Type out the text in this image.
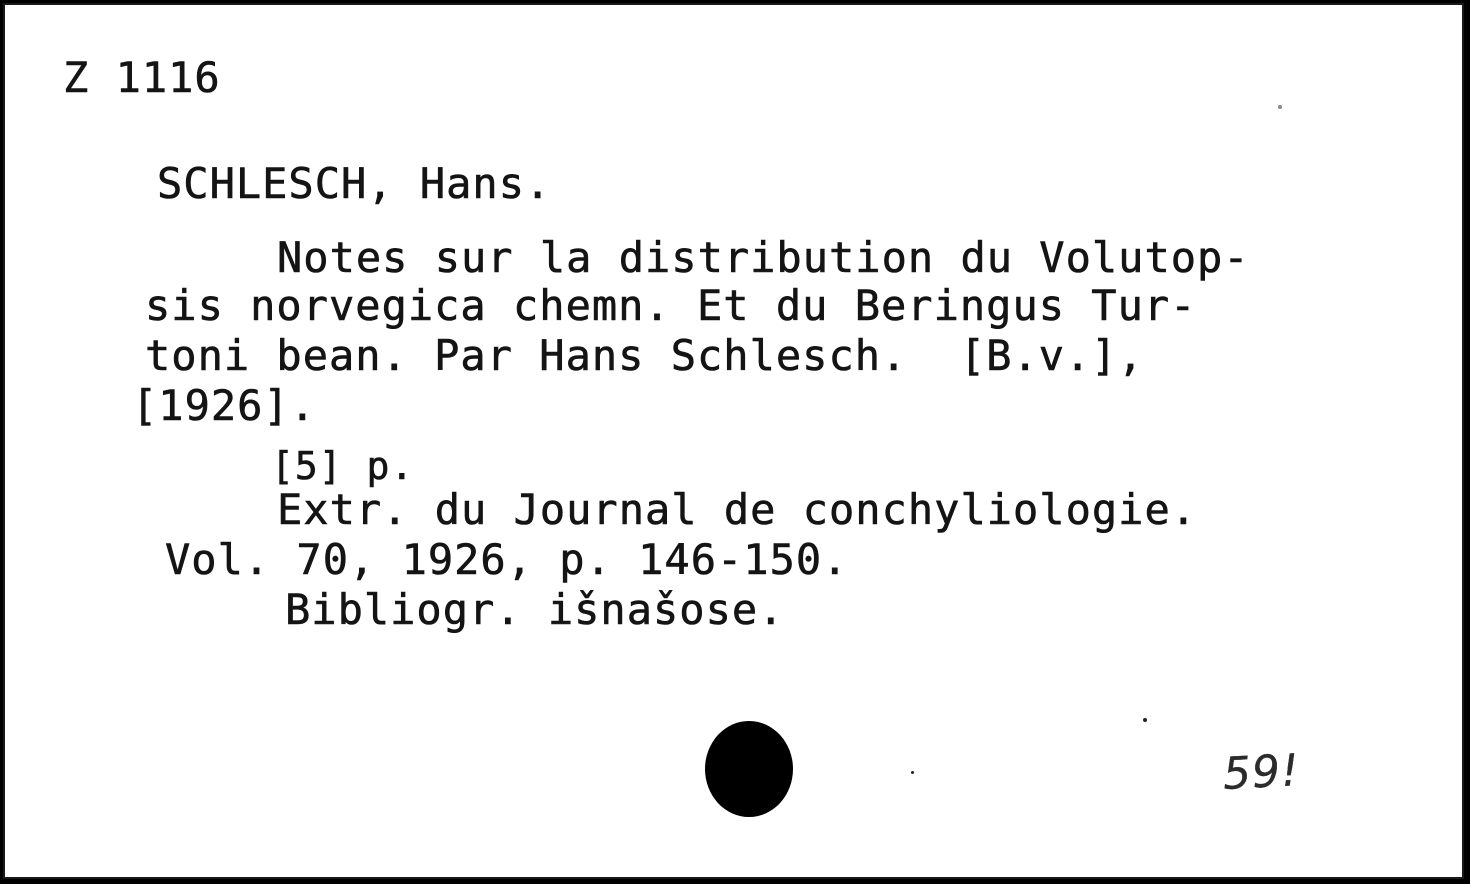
Z 1116
SCHLESCH, Hans.
Notes sur la distribution du Volutop-
sis norvegica chemn. Et du Beringus Tur-
toni bean. Par Hans Schlesch.  [B.v.],
[1926].
[5] p.
Extr. du Journal de conchyliologie.
Vol. 70, 1926, p. 146-150.
Bibliogr. išnašose.
59!
